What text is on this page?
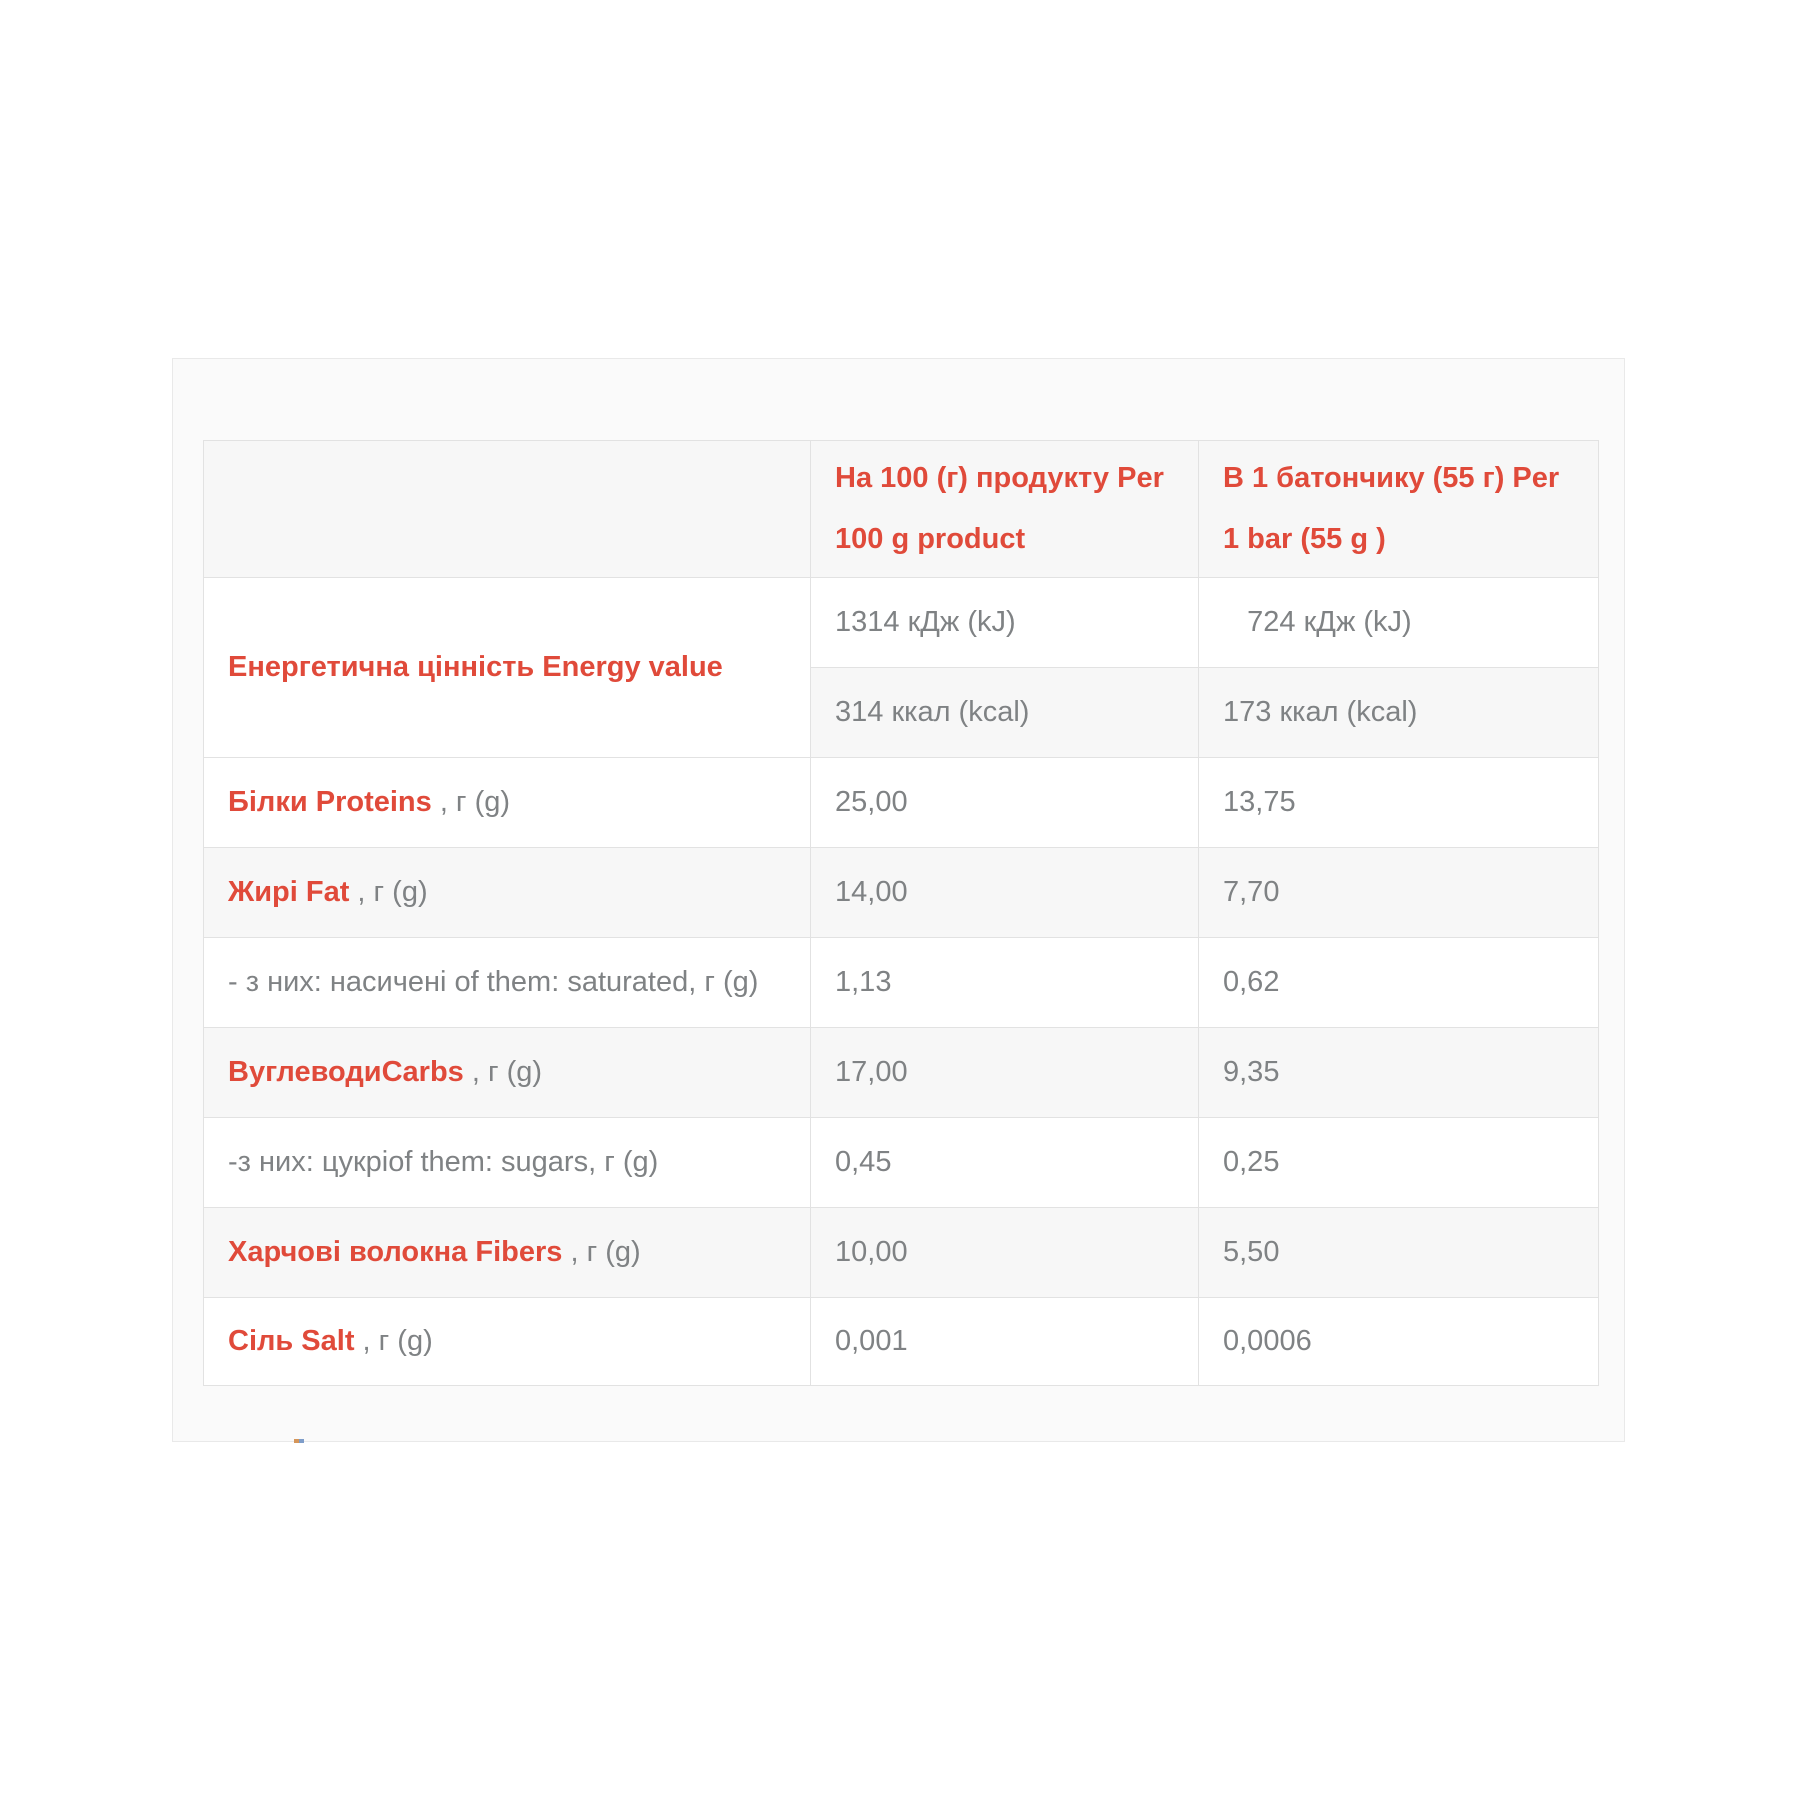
	На 100 (г) продукту Per 100 g product	В 1 батончику (55 г) Per 1 bar (55 g )
Енергетична цінність Energy value	1314 кДж (kJ)	724 кДж (kJ)
	314 ккал (kcal)	173 ккал (kcal)
Білки Proteins , г (g)	25,00	13,75
Жирі Fat , г (g)	14,00	7,70
- з них: насичені of them: saturated, г (g)	1,13	0,62
ВуглеводиCarbs , г (g)	17,00	9,35
-з них: цукріof them: sugars, г (g)	0,45	0,25
Харчові волокна Fibers , г (g)	10,00	5,50
Сіль Salt , г (g)	0,001	0,0006
